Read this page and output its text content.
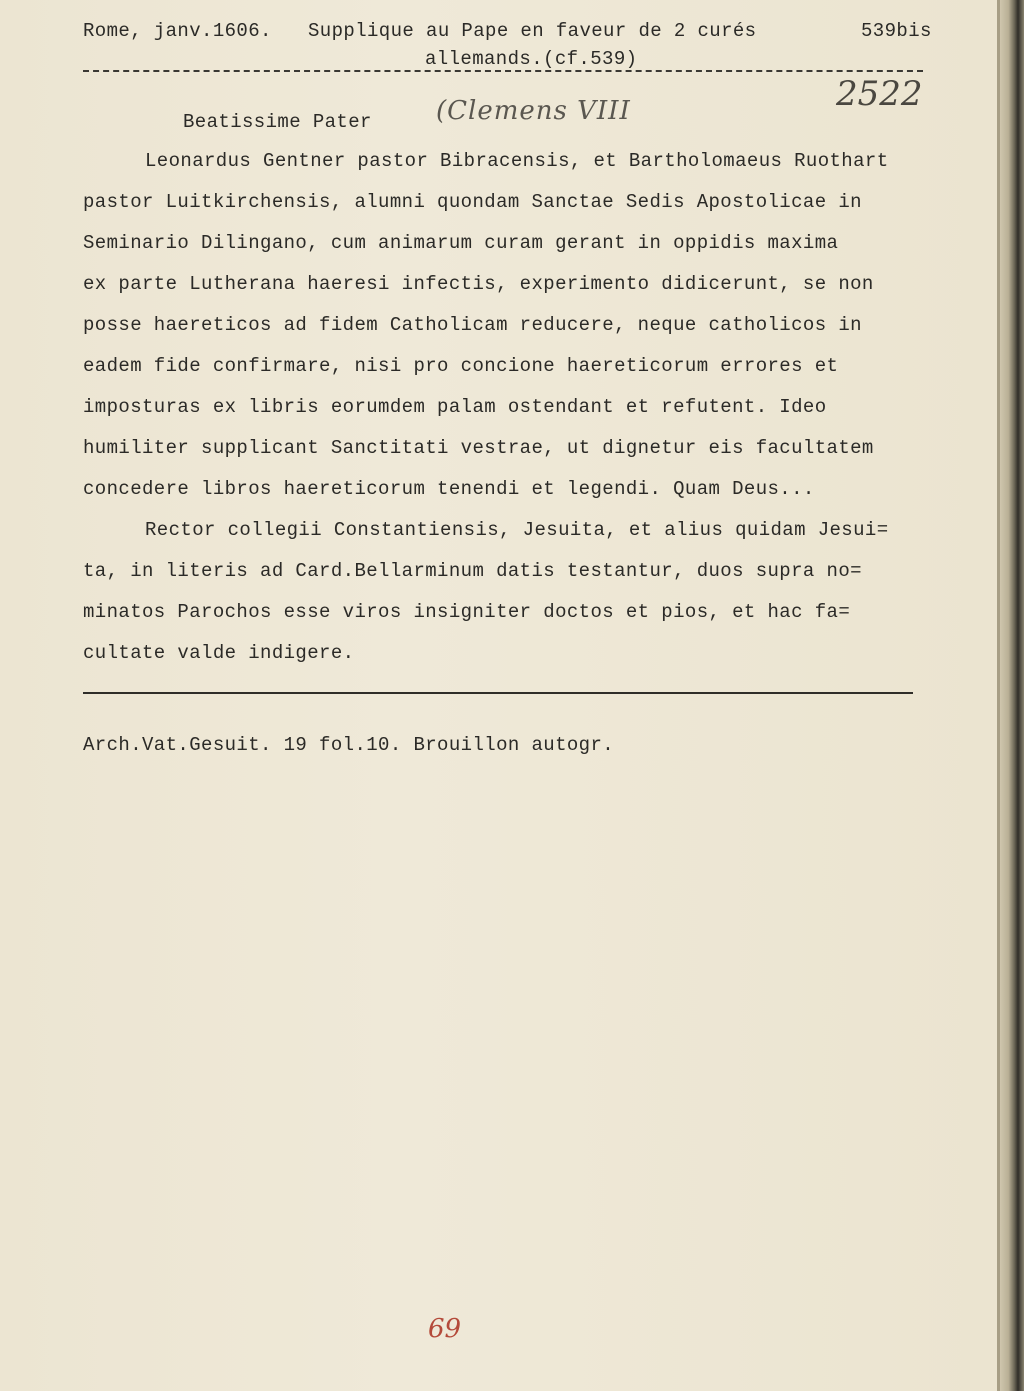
Rome, janv.1606. Supplique au Pape en faveur de 2 curés	539bis
allemands.(cf.539)
2522
Beatissime Pater (Clemens VIII
Leonardus Gentner pastor Bibracensis, et Bartholomaeus Ruothart
pastor Luitkirchensis, alumni quondam Sanctae Sedis Apostolicae in
Seminario Dilingano, cum animarum curam gerant in oppidis maxima
ex parte Lutherana haeresi infectis, experimento didicerunt, se non
posse haereticos ad fidem Catholicam reducere, neque catholicos in
eadem fide confirmare, nisi pro concione haereticorum errores et
imposturas ex libris eorumdem palam ostendant et refutent. Ideo
humiliter supplicant Sanctitati vestrae, ut dignetur eis facultatem
concedere libros haereticorum tenendi et legendi. Quam Deus...
Rector collegii Constantiensis, Jesuita, et alius quidam Jesui=
ta, in literis ad Card.Bellarminum datis testantur, duos supra no=
minatos Parochos esse viros insigniter doctos et pios, et hac fa=
cultate valde indigere.
Arch.Vat.Gesuit. 19 fol.10. Brouillon autogr.
69
